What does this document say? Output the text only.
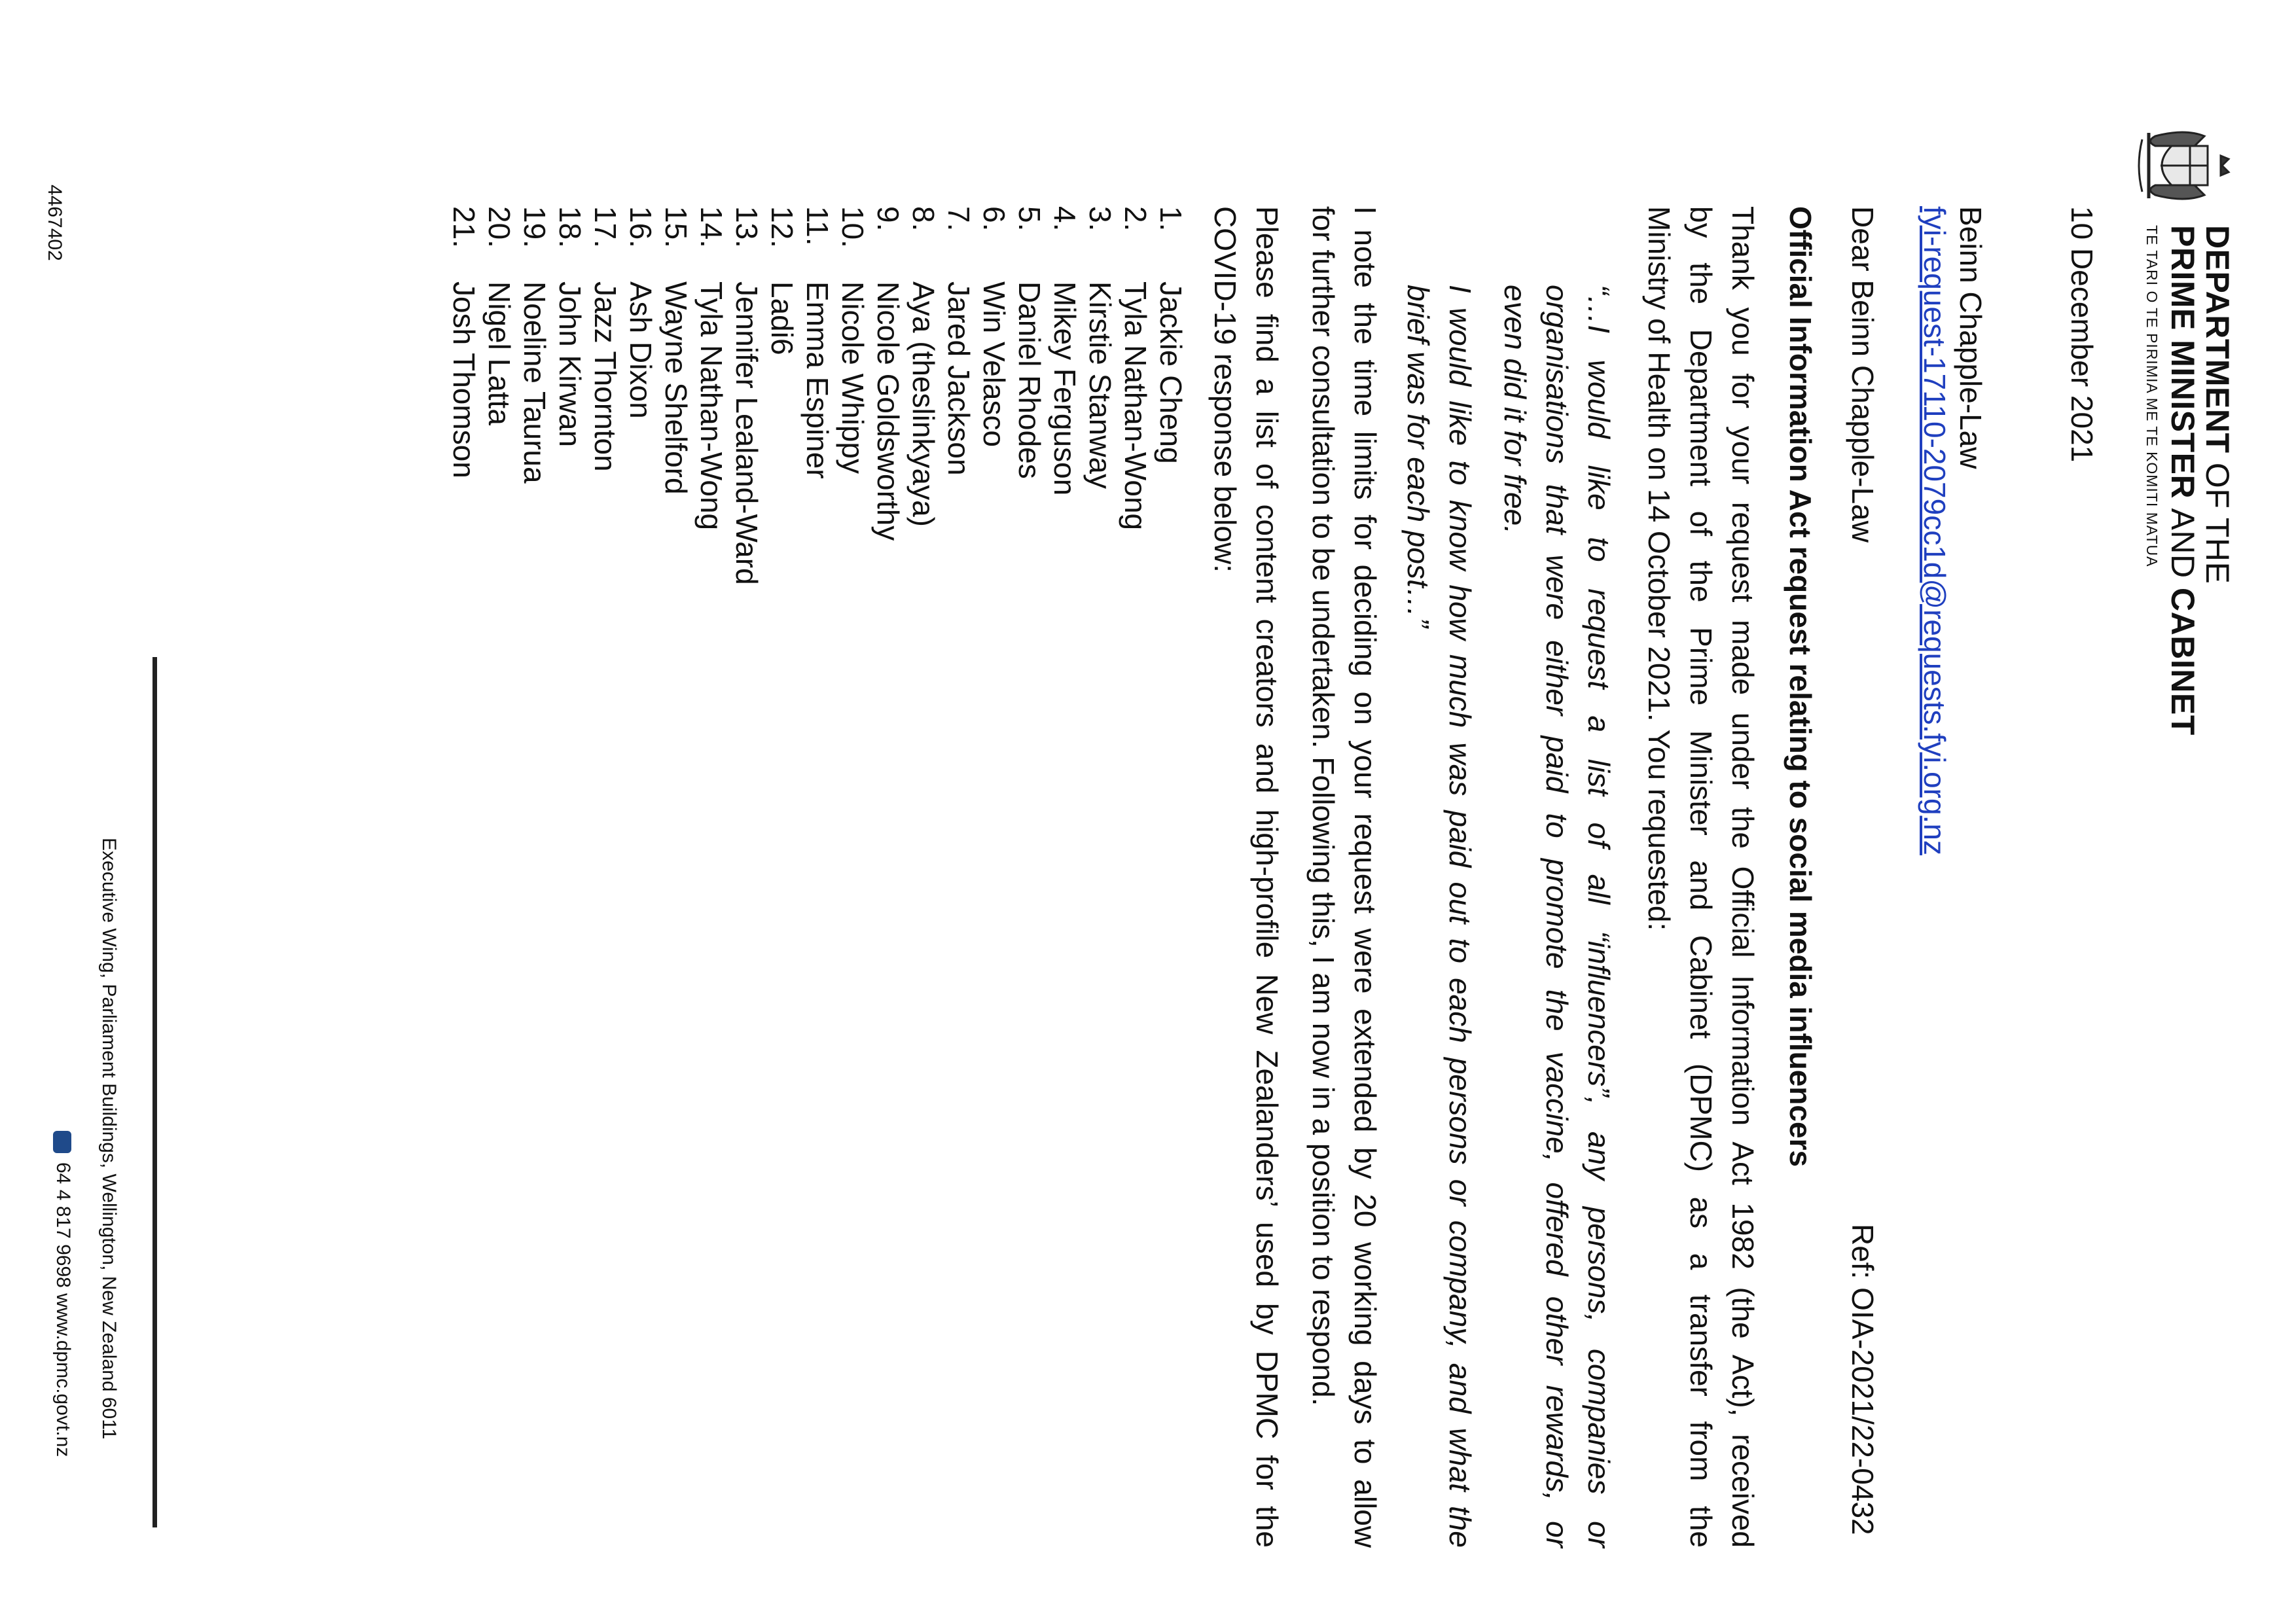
DEPARTMENT OF THE
PRIME MINISTER AND CABINET
TE TARI O TE PIRIMIA ME TE KOMITI MATUA
10 December 2021
Beinn Chapple-Law
fyi-request-17110-2079cc1d@requests.fyi.org.nz
Ref: OIA-2021/22-0432
Dear Beinn Chapple-Law
Official Information Act request relating to social media influencers
Thank you for your request made under the Official Information Act 1982 (the Act), received
by the Department of the Prime Minister and Cabinet (DPMC) as a transfer from the
Ministry of Health on 14 October 2021. You requested:
“…I would like to request a list of all “influencers”, any persons, companies or
organisations that were either paid to promote the vaccine, offered other rewards, or
even did it for free.
I would like to know how much was paid out to each persons or company, and what the
brief was for each post…”
I note the time limits for deciding on your request were extended by 20 working days to allow
for further consultation to be undertaken. Following this, I am now in a position to respond.
Please find a list of content creators and high-profile New Zealanders’ used by DPMC for the
COVID-19 response below:
1.Jackie Cheng
2.Tyla Nathan-Wong
3.Kirstie Stanway
4.Mikey Ferguson
5.Daniel Rhodes
6.Win Velasco
7.Jared Jackson
8.Aya (theslinkyaya)
9.Nicole Goldsworthy
10.Nicole Whippy
11.Emma Espiner
12.Ladi6
13.Jennifer Lealand-Ward
14.Tyla Nathan-Wong
15.Wayne Shelford
16.Ash Dixon
17.Jazz Thornton
18.John Kirwan
19.Noeline Taurua
20.Nigel Latta
21.Josh Thomson
Executive Wing, Parliament Buildings, Wellington, New Zealand 6011
64 4 817 9698 www.dpmc.govt.nz
4467402
